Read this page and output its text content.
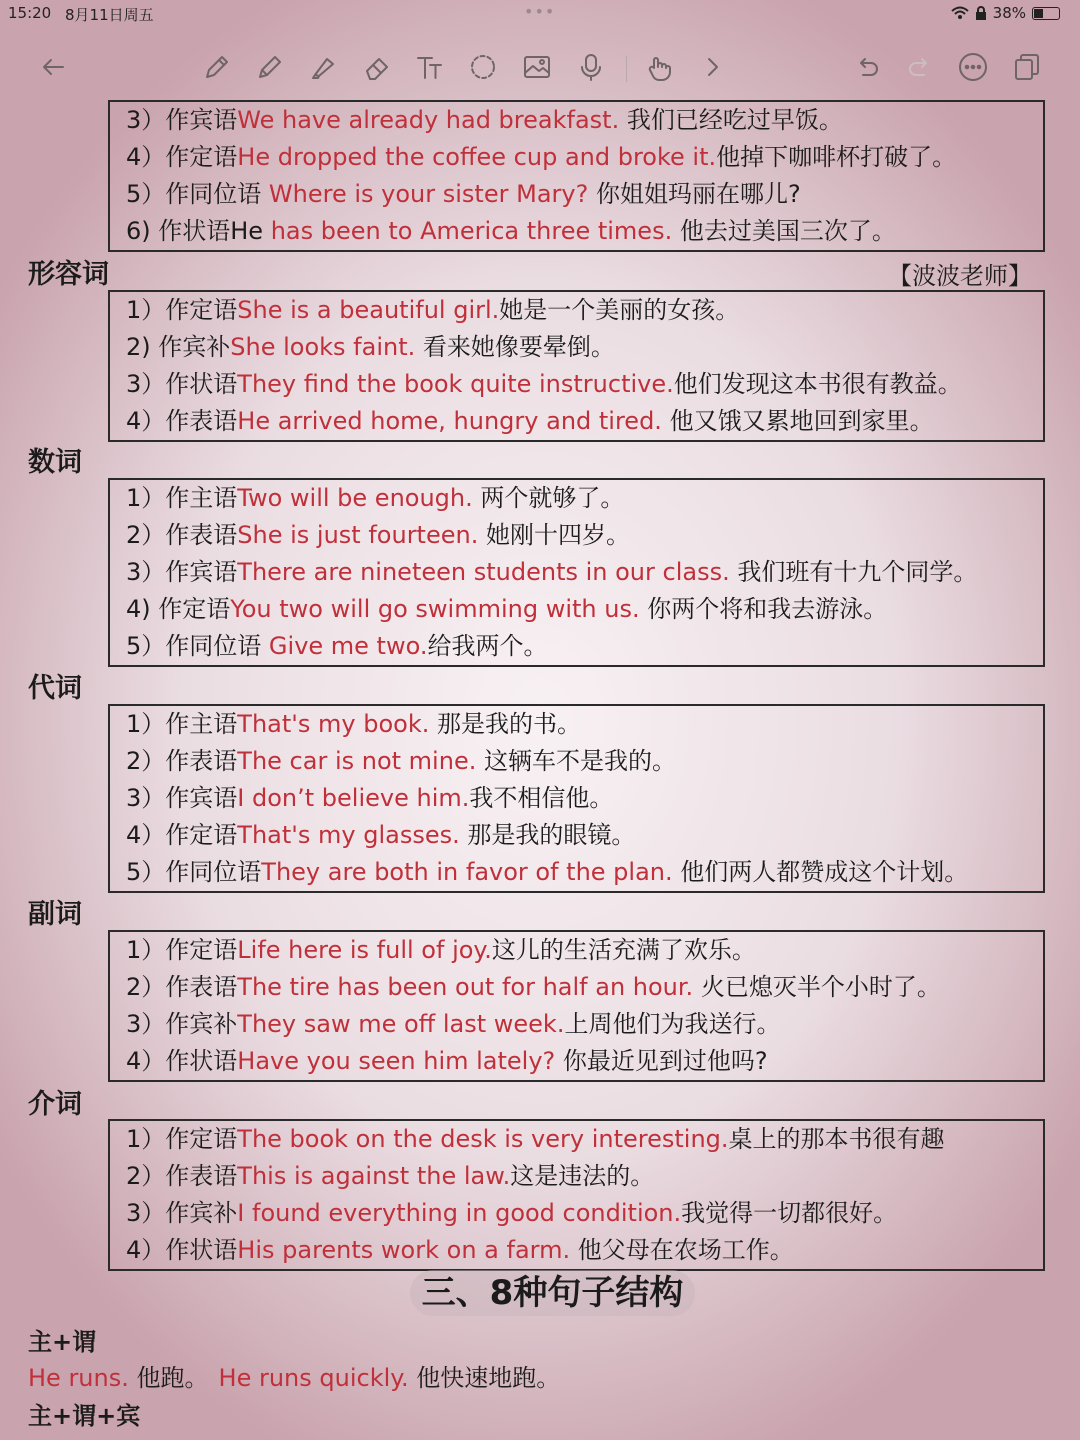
15:20 8月11日周五	•••	38%
3）作宾语We have already had breakfast. 我们已经吃过早饭。
4）作定语He dropped the coffee cup and broke it.他掉下咖啡杯打破了。
5）作同位语 Where is your sister Mary? 你姐姐玛丽在哪儿?
6) 作状语He has been to America three times. 他去过美国三次了。
形容词	【波波老师】
1）作定语She is a beautiful girl.她是一个美丽的女孩。
2) 作宾补She looks faint. 看来她像要晕倒。
3）作状语They find the book quite instructive.他们发现这本书很有教益。
4）作表语He arrived home, hungry and tired. 他又饿又累地回到家里。
数词
1）作主语Two will be enough. 两个就够了。
2）作表语She is just fourteen. 她刚十四岁。
3）作宾语There are nineteen students in our class. 我们班有十九个同学。
4) 作定语You two will go swimming with us. 你两个将和我去游泳。
5）作同位语 Give me two.给我两个。
代词
1）作主语That's my book. 那是我的书。
2）作表语The car is not mine. 这辆车不是我的。
3）作宾语I don’t believe him.我不相信他。
4）作定语That's my glasses. 那是我的眼镜。
5）作同位语They are both in favor of the plan. 他们两人都赞成这个计划。
副词
1）作定语Life here is full of joy.这儿的生活充满了欢乐。
2）作表语The tire has been out for half an hour. 火已熄灭半个小时了。
3）作宾补They saw me off last week.上周他们为我送行。
4）作状语Have you seen him lately? 你最近见到过他吗?
介词
1）作定语The book on the desk is very interesting.桌上的那本书很有趣
2）作表语This is against the law.这是违法的。
3）作宾补I found everything in good condition.我觉得一切都很好。
4）作状语His parents work on a farm. 他父母在农场工作。
三、8种句子结构
主+谓
He runs. 他跑。 He runs quickly. 他快速地跑。
主+谓+宾
